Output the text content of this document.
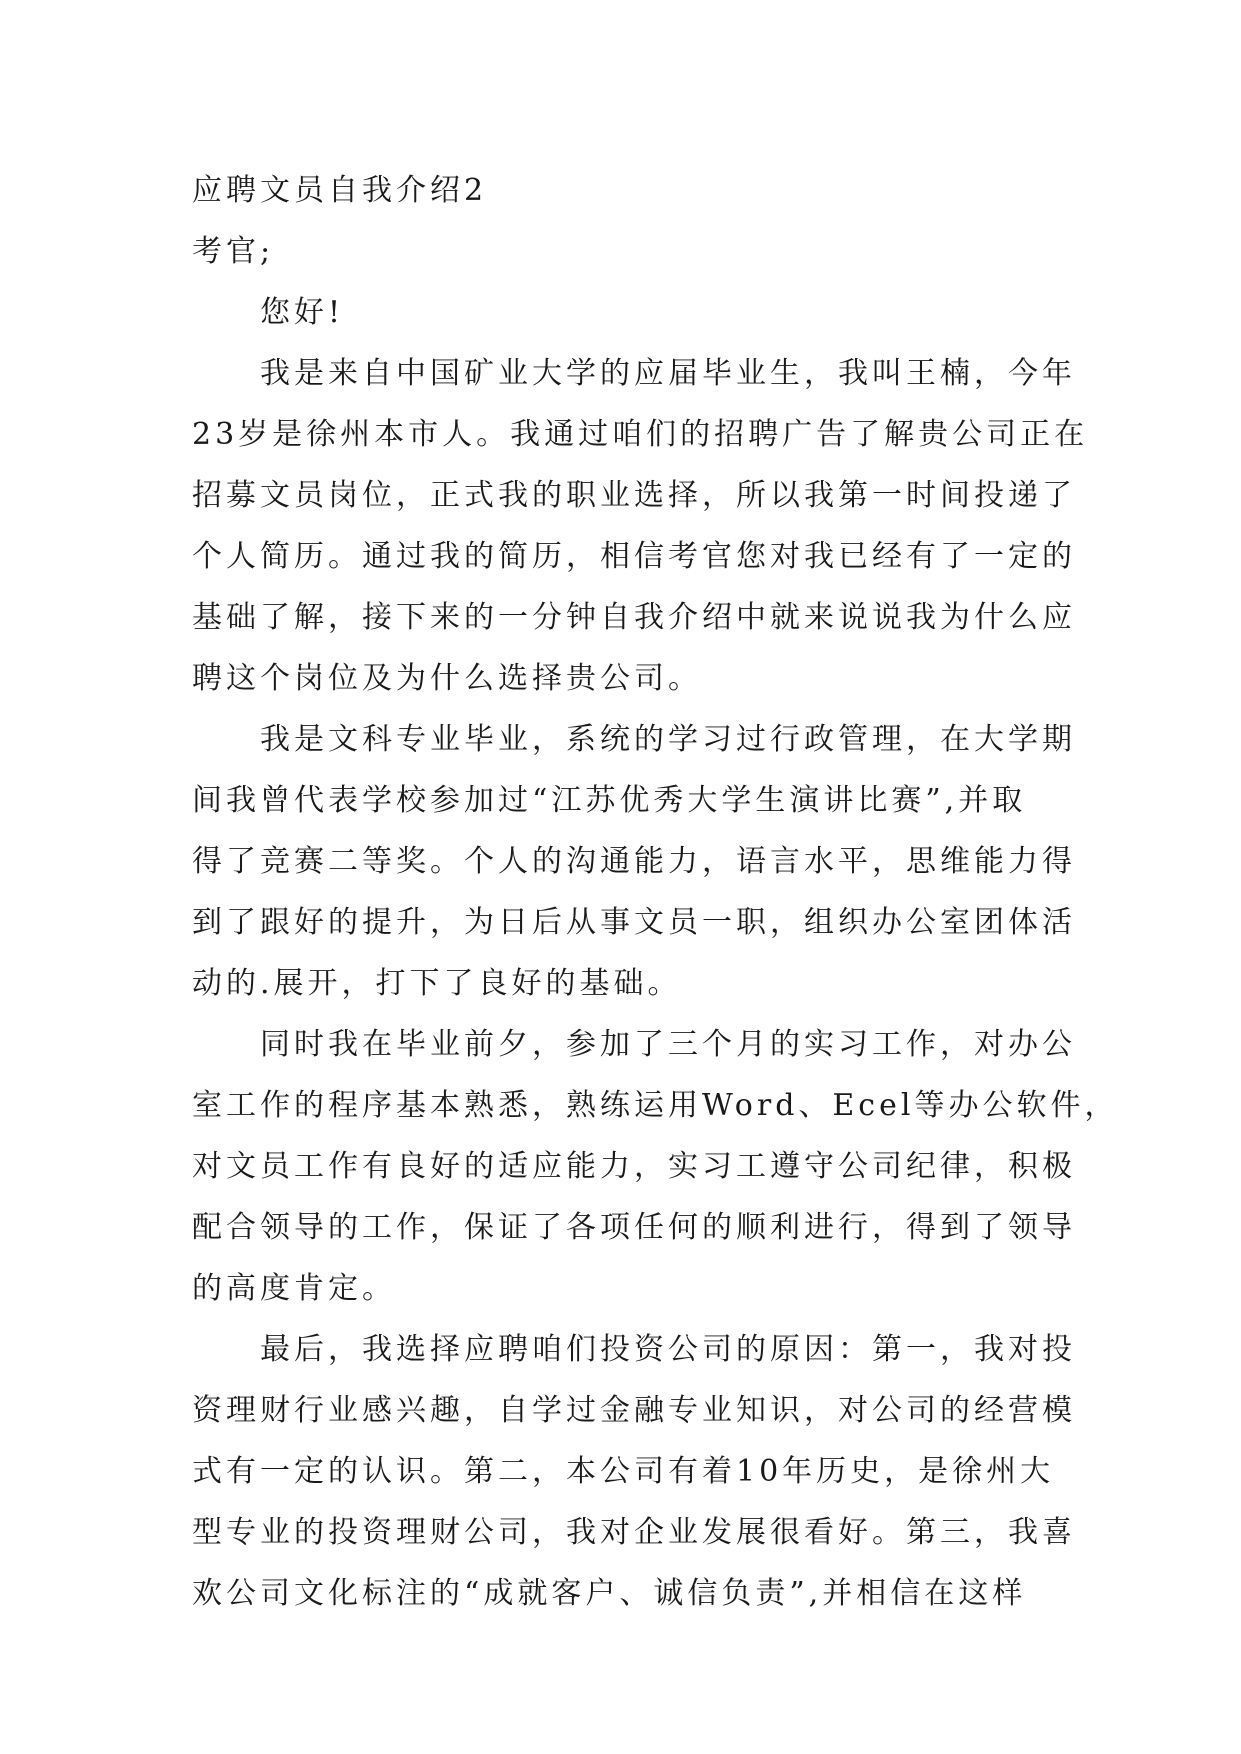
应聘文员自我介绍2

考官;

您好!

我是来自中国矿业大学的应届毕业生，我叫王楠，今年

23岁是徐州本市人。我通过咱们的招聘广告了解贵公司正在

招募文员岗位，正式我的职业选择，所以我第一时间投递了

个人简历。通过我的简历，相信考官您对我已经有了一定的

基础了解，接下来的一分钟自我介绍中就来说说我为什么应

聘这个岗位及为什么选择贵公司。

我是文科专业毕业，系统的学习过行政管理，在大学期

间我曾代表学校参加过“江苏优秀大学生演讲比赛”,并取

得了竞赛二等奖。个人的沟通能力，语言水平，思维能力得

到了跟好的提升，为日后从事文员一职，组织办公室团体活

动的.展开，打下了良好的基础。

同时我在毕业前夕，参加了三个月的实习工作，对办公

室工作的程序基本熟悉，熟练运用Word、Ecel等办公软件，

对文员工作有良好的适应能力，实习工遵守公司纪律，积极

配合领导的工作，保证了各项任何的顺利进行，得到了领导

的高度肯定。

最后，我选择应聘咱们投资公司的原因：第一，我对投

资理财行业感兴趣，自学过金融专业知识，对公司的经营模

式有一定的认识。第二，本公司有着10年历史，是徐州大

型专业的投资理财公司，我对企业发展很看好。第三，我喜

欢公司文化标注的“成就客户、诚信负责”,并相信在这样
